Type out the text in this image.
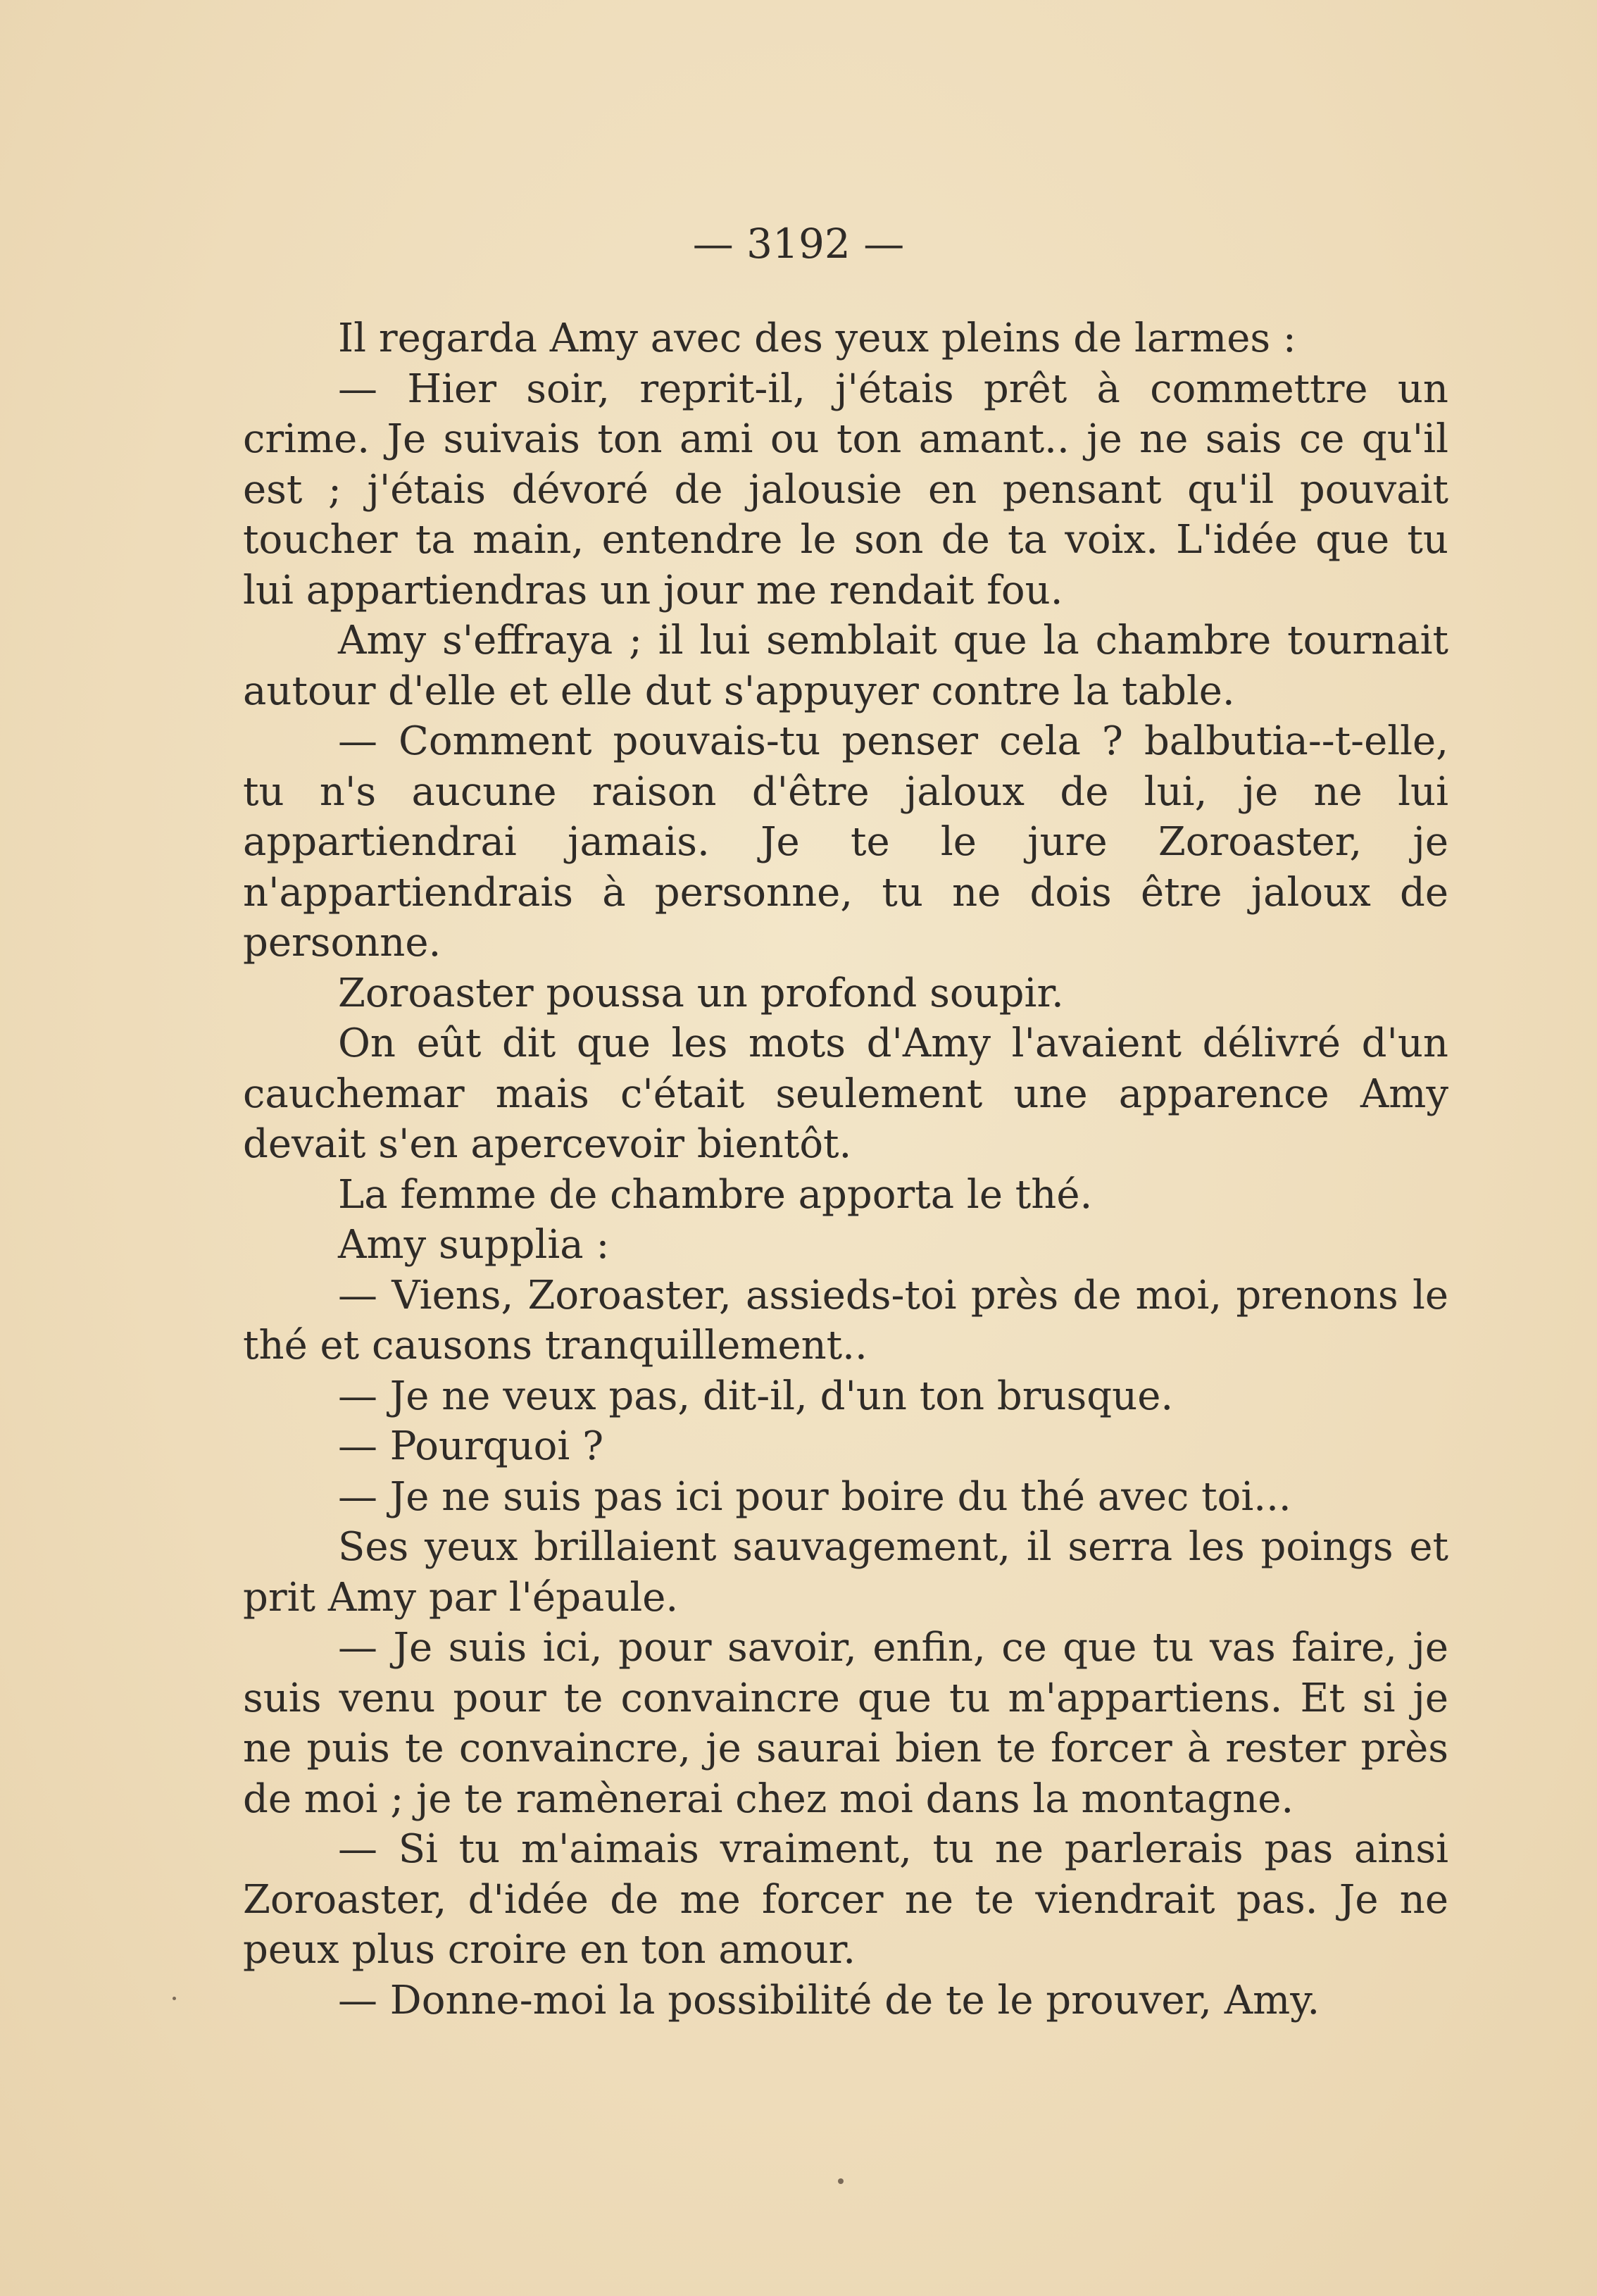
— 3192 —

Il regarda Amy avec des yeux pleins de larmes :

— Hier soir, reprit-il, j'étais prêt à commettre un crime. Je suivais ton ami ou ton amant.. je ne sais ce qu'il est ; j'étais dévoré de jalousie en pensant qu'il pouvait toucher ta main, entendre le son de ta voix. L'idée que tu lui appartiendras un jour me rendait fou.

Amy s'effraya ; il lui semblait que la chambre tournait autour d'elle et elle dut s'appuyer contre la table.

— Comment pouvais-tu penser cela ? balbutia--t-elle, tu n's aucune raison d'être jaloux de lui, je ne lui appartiendrai jamais. Je te le jure Zoroaster, je n'appartiendrais à personne, tu ne dois être jaloux de personne.

Zoroaster poussa un profond soupir.

On eût dit que les mots d'Amy l'avaient délivré d'un cauchemar mais c'était seulement une apparence Amy devait s'en apercevoir bientôt.

La femme de chambre apporta le thé.

Amy supplia :

— Viens, Zoroaster, assieds-toi près de moi, prenons le thé et causons tranquillement..

— Je ne veux pas, dit-il, d'un ton brusque.

— Pourquoi ?

— Je ne suis pas ici pour boire du thé avec toi...

Ses yeux brillaient sauvagement, il serra les poings et prit Amy par l'épaule.

— Je suis ici, pour savoir, enfin, ce que tu vas faire, je suis venu pour te convaincre que tu m'appartiens. Et si je ne puis te convaincre, je saurai bien te forcer à rester près de moi ; je te ramènerai chez moi dans la montagne.

— Si tu m'aimais vraiment, tu ne parlerais pas ainsi Zoroaster, d'idée de me forcer ne te viendrait pas. Je ne peux plus croire en ton amour.

— Donne-moi la possibilité de te le prouver, Amy.
